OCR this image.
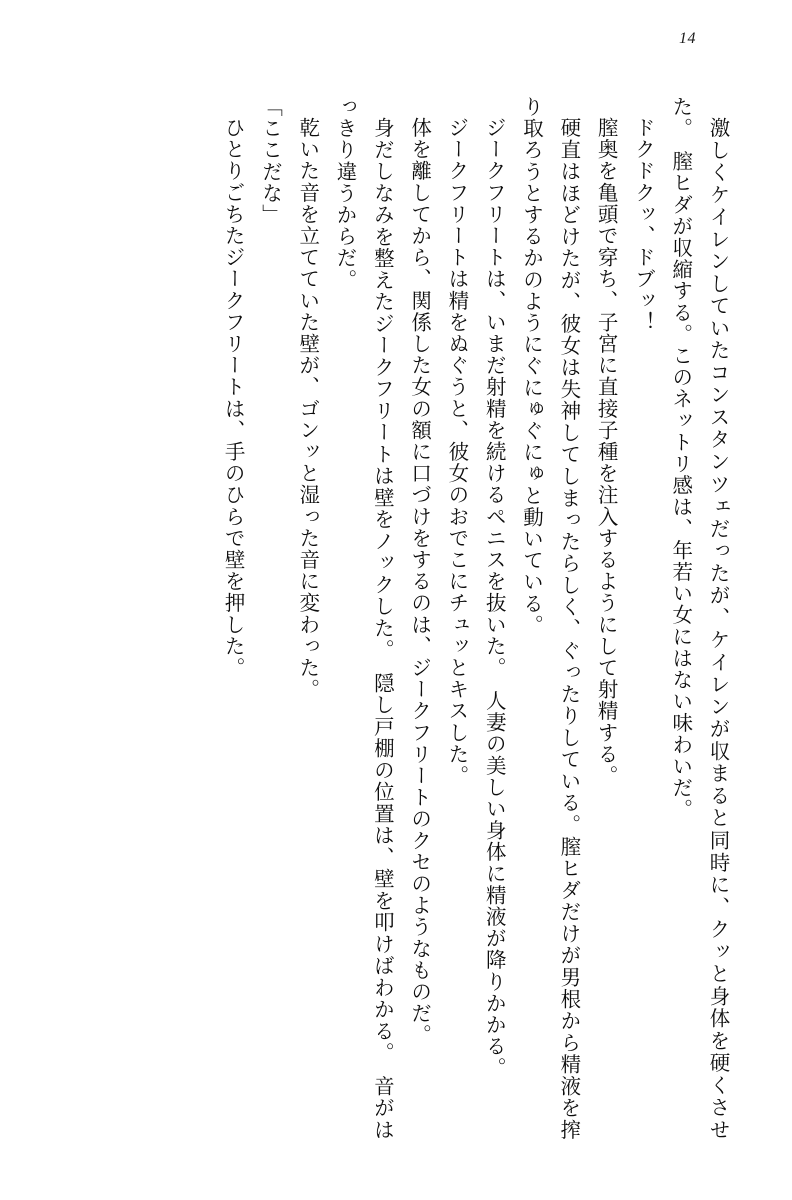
14

激しくケイレンしていたコンスタンツェだったが、ケイレンが収まると同時に、クッと身体を硬くさせた。　膣ヒダが収縮する。このネットリ感は、年若い女にはない味わいだ。

ドクドクッ、ドブッ！

膣奥を亀頭で穿ち、子宮に直接子種を注入するようにして射精する。

硬直はほどけたが、彼女は失神してしまったらしく、ぐったりしている。膣ヒダだけが男根から精液を搾り取ろうとするかのようにぐにゅぐにゅと動いている。

ジークフリートは、いまだ射精を続けるペニスを抜いた。　人妻の美しい身体に精液が降りかかる。

ジークフリートは精をぬぐうと、彼女のおでこにチュッとキスした。

体を離してから、関係した女の額に口づけをするのは、ジークフリートのクセのようなものだ。

身だしなみを整えたジークフリートは壁をノックした。　隠し戸棚の位置は、壁を叩けばわかる。　音がはっきり違うからだ。

乾いた音を立てていた壁が、ゴンッと湿った音に変わった。

「ここだな」

ひとりごちたジークフリートは、手のひらで壁を押した。
